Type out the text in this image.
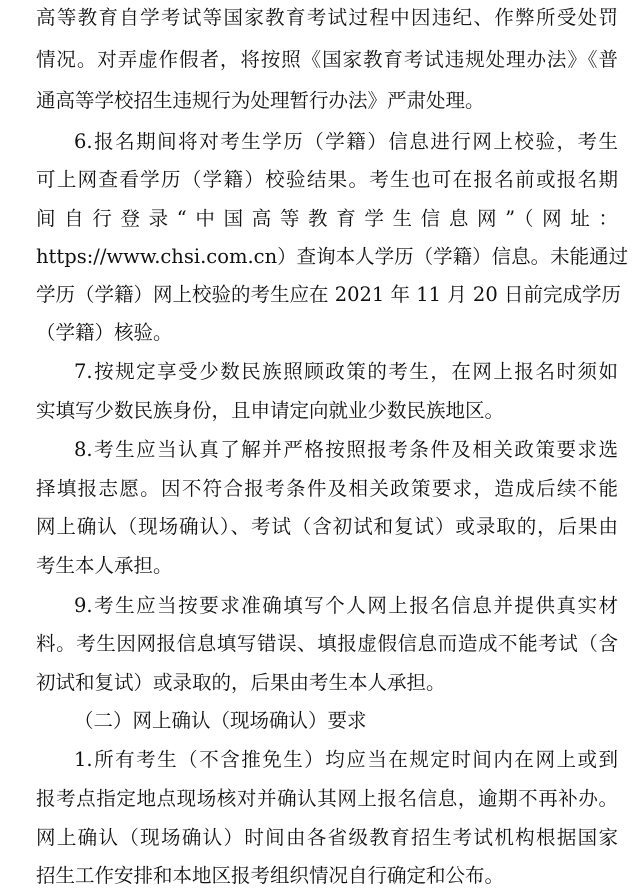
高等教育自学考试等国家教育考试过程中因违纪、作弊所受处罚
情况。对弄虚作假者，将按照《国家教育考试违规处理办法》《普
通高等学校招生违规行为处理暂行办法》严肃处理。
6.报名期间将对考生学历（学籍）信息进行网上校验，考生
可上网查看学历（学籍）校验结果。考生也可在报名前或报名期
间自行登录“中国高等教育学生信息网”（网址：
https://www.chsi.com.cn）查询本人学历（学籍）信息。未能通过
学历（学籍）网上校验的考生应在 2021 年 11 月 20 日前完成学历
（学籍）核验。
7.按规定享受少数民族照顾政策的考生，在网上报名时须如
实填写少数民族身份，且申请定向就业少数民族地区。
8.考生应当认真了解并严格按照报考条件及相关政策要求选
择填报志愿。因不符合报考条件及相关政策要求，造成后续不能
网上确认（现场确认）、考试（含初试和复试）或录取的，后果由
考生本人承担。
9.考生应当按要求准确填写个人网上报名信息并提供真实材
料。考生因网报信息填写错误、填报虚假信息而造成不能考试（含
初试和复试）或录取的，后果由考生本人承担。
（二）网上确认（现场确认）要求
1.所有考生（不含推免生）均应当在规定时间内在网上或到
报考点指定地点现场核对并确认其网上报名信息，逾期不再补办。
网上确认（现场确认）时间由各省级教育招生考试机构根据国家
招生工作安排和本地区报考组织情况自行确定和公布。
